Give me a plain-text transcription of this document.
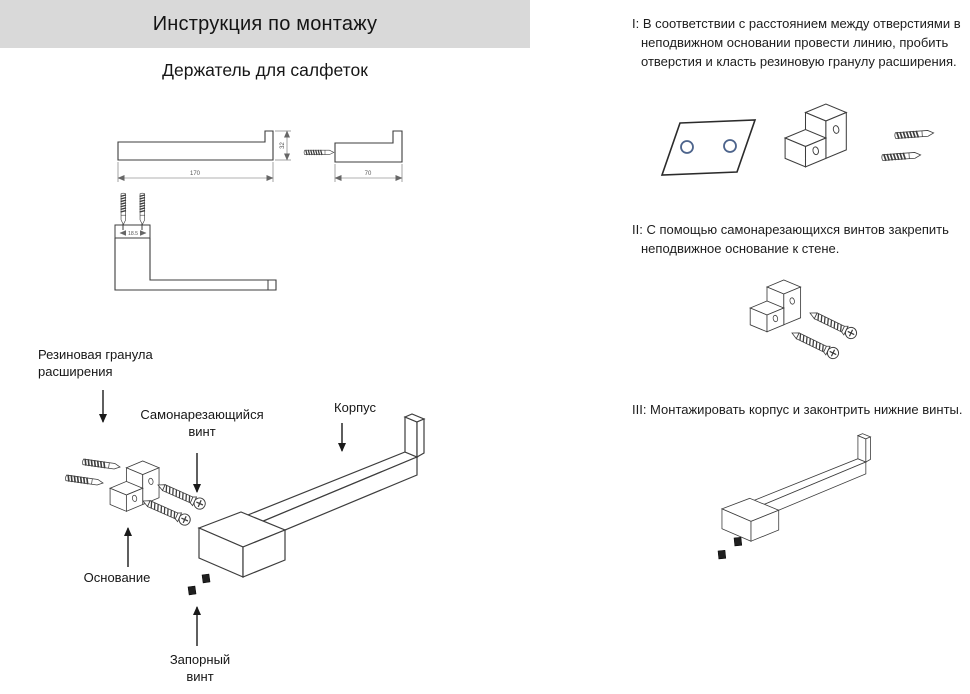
Инструкция по монтажу
Держатель для салфеток
170
32
70
18.5
Резиновая гранула расширения
Самонарезающийся винт
Корпус
Основание
Запорный винт

I: В соответствии с расстоянием между отверстиями в неподвижном основании провести линию, пробить отверстия и класть резиновую гранулу расширения.

II: С помощью самонарезающихся винтов закрепить неподвижное основание к стене.

III: Монтажировать корпус и законтрить нижние винты.
